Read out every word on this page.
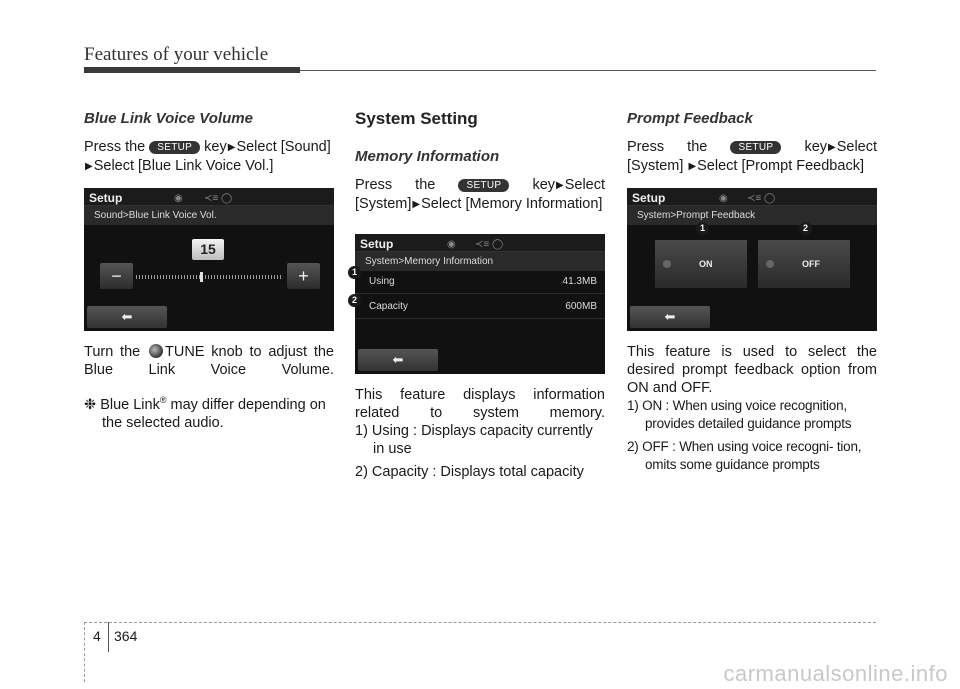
Features of your vehicle
Blue Link Voice Volume

Press the SETUP key▶Select [Sound]
▶Select [Blue Link Voice Vol.]

Setup	◉ ≺≡ ◯
Sound>Blue Link Voice Vol.
15
−	+
⬅

Turn the TUNE knob to adjust the Blue Link Voice Volume.

❉ Blue Link® may differ depending on the selected audio.

System Setting
Memory Information

Press the	SETUP key▶Select
[System]▶Select [Memory Information]

Setup	◉ ≺≡ ◯
System>Memory Information
Using	41.3MB
Capacity	600MB
⬅

This feature displays information related to system memory.

1) Using : Displays capacity currently in use
2) Capacity : Displays total capacity
1
2
Prompt Feedback

Press the	SETUP key▶Select
[System] ▶Select [Prompt Feedback]

Setup	◉ ≺≡ ◯
System>Prompt Feedback
ON	OFF
⬅

This feature is used to select the desired prompt feedback option from ON and OFF.

1) ON : When using voice recognition, provides detailed guidance prompts
2) OFF : When using voice recogni- tion, omits some guidance prompts
1	2
4 364
carmanualsonline.info
